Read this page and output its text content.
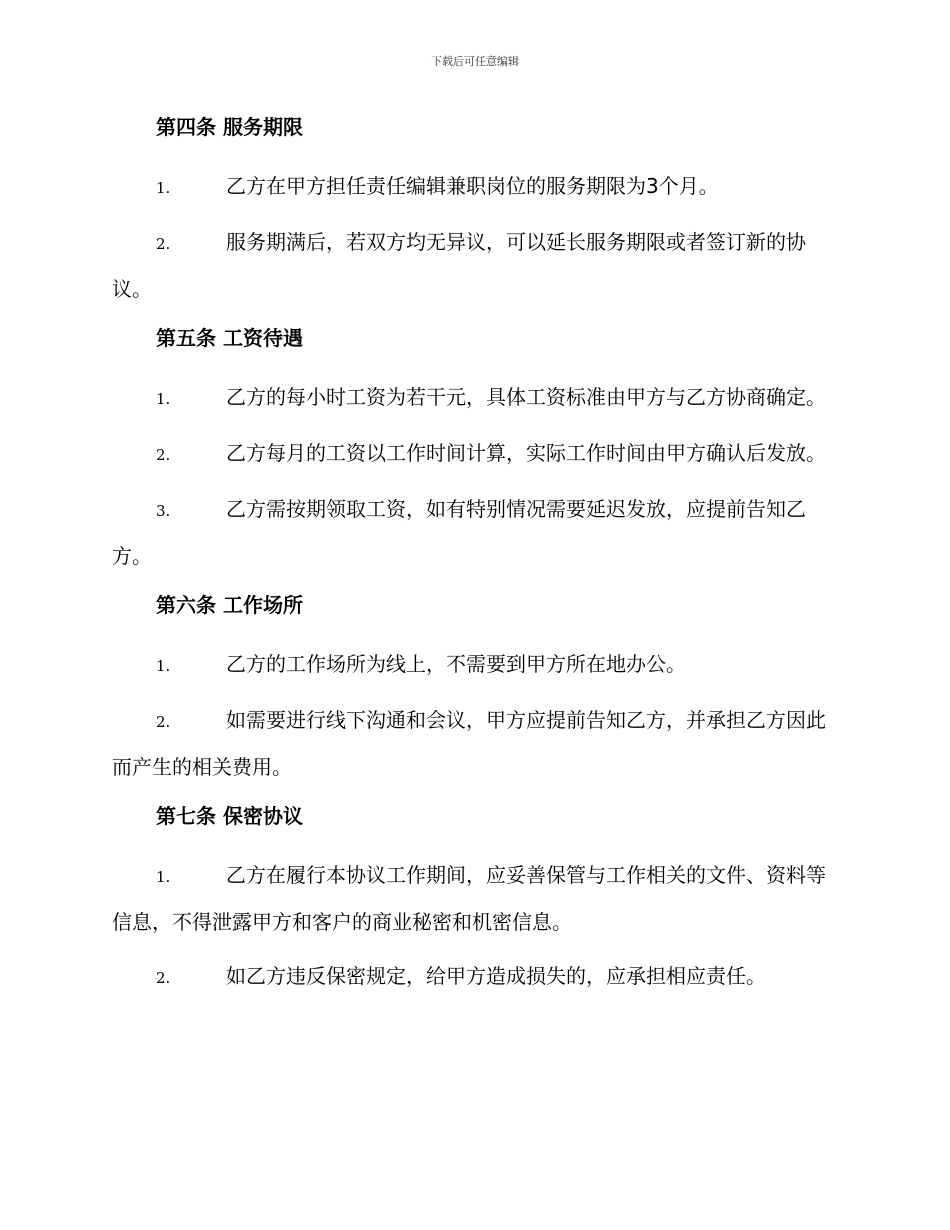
下载后可任意编辑
第四条 服务期限
1.	乙方在甲方担任责任编辑兼职岗位的服务期限为3个月。
2.	服务期满后，若双方均无异议，可以延长服务期限或者签订新的协议。
第五条 工资待遇
1.	乙方的每小时工资为若干元，具体工资标准由甲方与乙方协商确定。
2.	乙方每月的工资以工作时间计算，实际工作时间由甲方确认后发放。
3.	乙方需按期领取工资，如有特别情况需要延迟发放，应提前告知乙方。
第六条 工作场所
1.	乙方的工作场所为线上，不需要到甲方所在地办公。
2.	如需要进行线下沟通和会议，甲方应提前告知乙方，并承担乙方因此而产生的相关费用。
第七条 保密协议
1.	乙方在履行本协议工作期间，应妥善保管与工作相关的文件、资料等信息，不得泄露甲方和客户的商业秘密和机密信息。
2.	如乙方违反保密规定，给甲方造成损失的，应承担相应责任。
